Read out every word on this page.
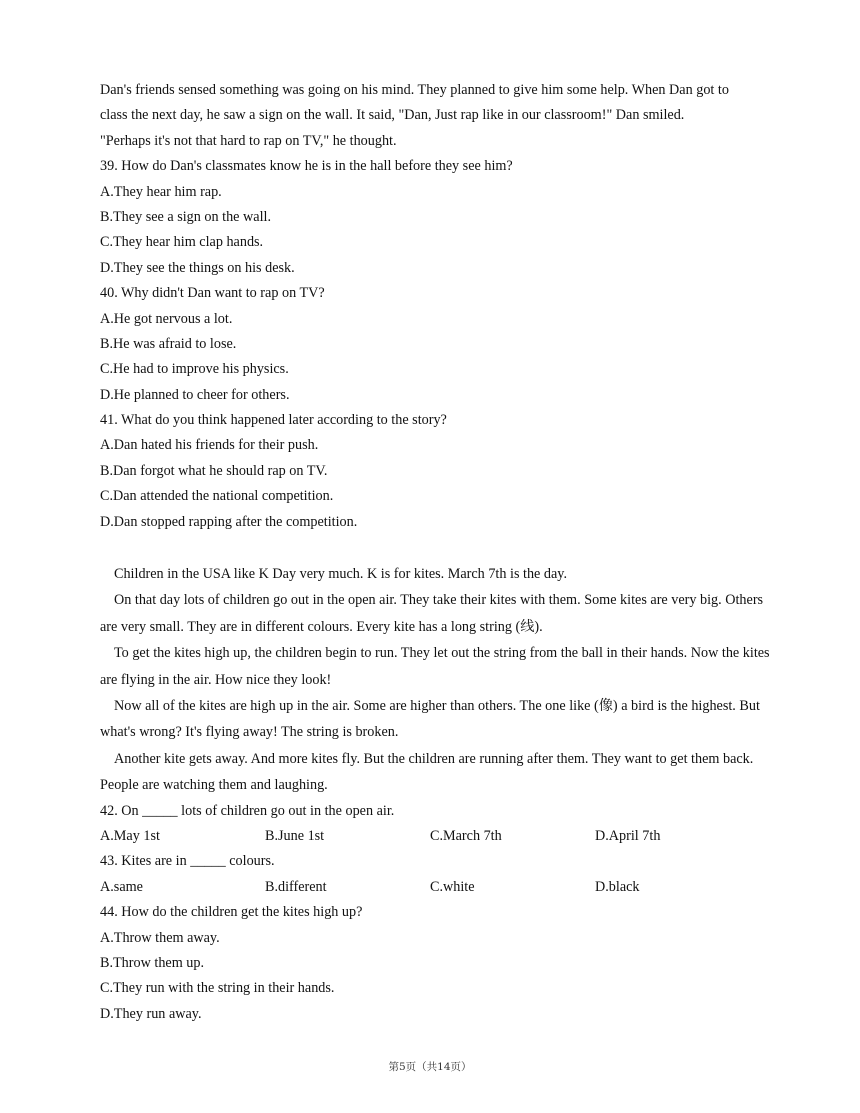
Dan's friends sensed something was going on his mind. They planned to give him some help. When Dan got to
class the next day, he saw a sign on the wall. It said, "Dan, Just rap like in our classroom!" Dan smiled.
"Perhaps it's not that hard to rap on TV," he thought.
39. How do Dan's classmates know he is in the hall before they see him?
A.They hear him rap.
B.They see a sign on the wall.
C.They hear him clap hands.
D.They see the things on his desk.
40. Why didn't Dan want to rap on TV?
A.He got nervous a lot.
B.He was afraid to lose.
C.He had to improve his physics.
D.He planned to cheer for others.
41. What do you think happened later according to the story?
A.Dan hated his friends for their push.
B.Dan forgot what he should rap on TV.
C.Dan attended the national competition.
D.Dan stopped rapping after the competition.
Children in the USA like K Day very much. K is for kites. March 7th is the day.
On that day lots of children go out in the open air. They take their kites with them. Some kites are very big. Others are very small. They are in different colours. Every kite has a long string (线).
To get the kites high up, the children begin to run. They let out the string from the ball in their hands. Now the kites are flying in the air. How nice they look!
Now all of the kites are high up in the air. Some are higher than others. The one like (像) a bird is the highest. But what's wrong? It's flying away! The string is broken.
Another kite gets away. And more kites fly. But the children are running after them. They want to get them back. People are watching them and laughing.
42. On _____ lots of children go out in the open air.
A.May 1st	B.June 1st	C.March 7th	D.April 7th
43. Kites are in _____ colours.
A.same	B.different	C.white	D.black
44. How do the children get the kites high up?
A.Throw them away.
B.Throw them up.
C.They run with the string in their hands.
D.They run away.
第5页（共14页）
